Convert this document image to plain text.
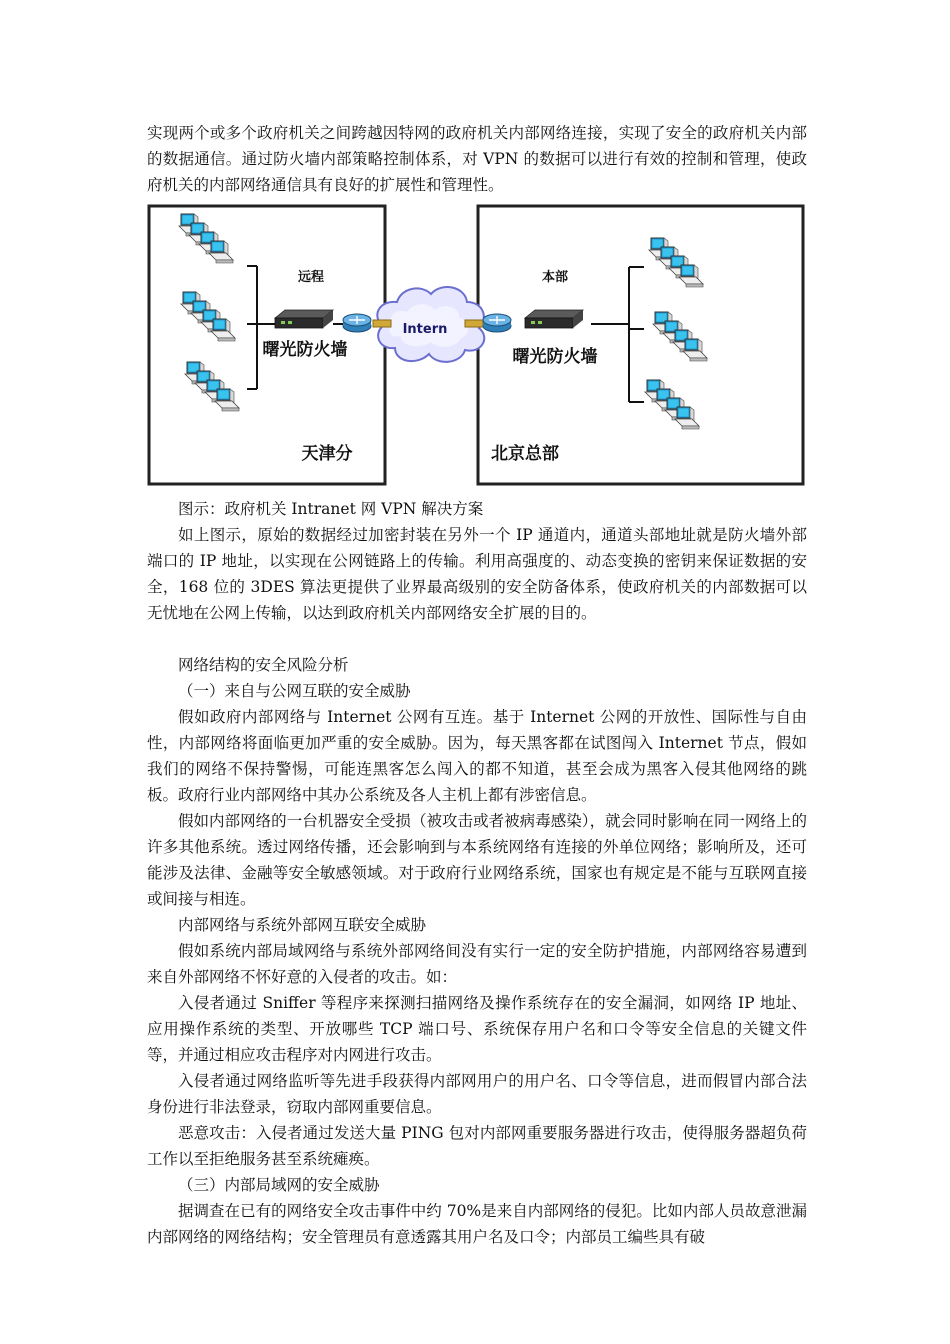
实现两个或多个政府机关之间跨越因特网的政府机关内部网络连接，实现了安全的政府机关内部的数据通信。通过防火墙内部策略控制体系，对 VPN 的数据可以进行有效的控制和管理，使政府机关的内部网络通信具有良好的扩展性和管理性。

Intern
远程
曙光防火墙
天津分
本部
曙光防火墙
北京总部

图示：政府机关 Intranet 网 VPN 解决方案

如上图示，原始的数据经过加密封装在另外一个 IP 通道内，通道头部地址就是防火墙外部端口的 IP 地址，以实现在公网链路上的传输。利用高强度的、动态变换的密钥来保证数据的安全，168 位的 3DES 算法更提供了业界最高级别的安全防备体系，使政府机关的内部数据可以无忧地在公网上传输，以达到政府机关内部网络安全扩展的目的。

网络结构的安全风险分析

（一）来自与公网互联的安全威胁

假如政府内部网络与 Internet 公网有互连。基于 Internet 公网的开放性、国际性与自由性，内部网络将面临更加严重的安全威胁。因为，每天黑客都在试图闯入 Internet 节点，假如我们的网络不保持警惕，可能连黑客怎么闯入的都不知道，甚至会成为黑客入侵其他网络的跳板。政府行业内部网络中其办公系统及各人主机上都有涉密信息。

假如内部网络的一台机器安全受损（被攻击或者被病毒感染），就会同时影响在同一网络上的许多其他系统。透过网络传播，还会影响到与本系统网络有连接的外单位网络；影响所及，还可能涉及法律、金融等安全敏感领域。对于政府行业网络系统，国家也有规定是不能与互联网直接或间接与相连。

内部网络与系统外部网互联安全威胁

假如系统内部局域网络与系统外部网络间没有实行一定的安全防护措施，内部网络容易遭到来自外部网络不怀好意的入侵者的攻击。如：

入侵者通过 Sniffer 等程序来探测扫描网络及操作系统存在的安全漏洞，如网络 IP 地址、应用操作系统的类型、开放哪些 TCP 端口号、系统保存用户名和口令等安全信息的关键文件等，并通过相应攻击程序对内网进行攻击。

入侵者通过网络监听等先进手段获得内部网用户的用户名、口令等信息，进而假冒内部合法身份进行非法登录，窃取内部网重要信息。

恶意攻击：入侵者通过发送大量 PING 包对内部网重要服务器进行攻击，使得服务器超负荷工作以至拒绝服务甚至系统瘫痪。

（三）内部局域网的安全威胁

据调查在已有的网络安全攻击事件中约 70%是来自内部网络的侵犯。比如内部人员故意泄漏内部网络的网络结构；安全管理员有意透露其用户名及口令；内部员工编些具有破
